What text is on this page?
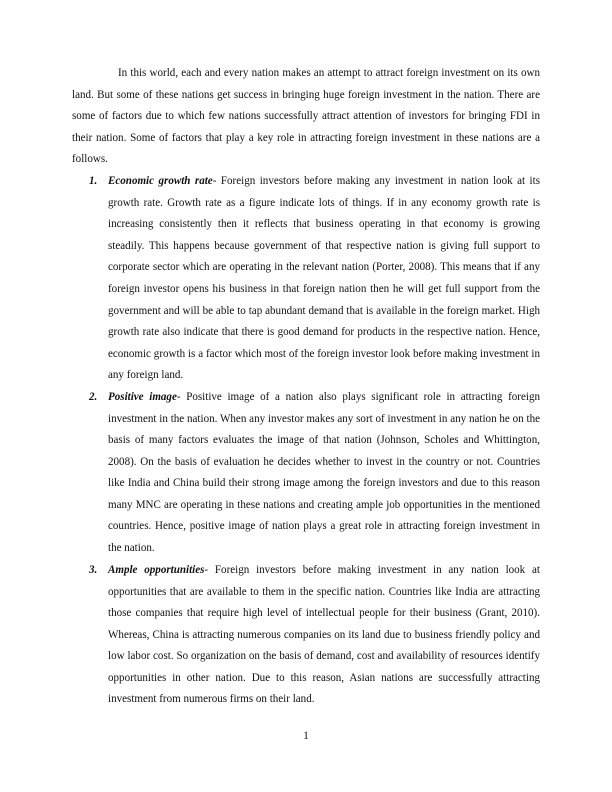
In this world, each and every nation makes an attempt to attract foreign investment on its own land. But some of these nations get success in bringing huge foreign investment in the nation. There are some of factors due to which few nations successfully attract attention of investors for bringing FDI in their nation. Some of factors that play a key role in attracting foreign investment in these nations are a follows.

1. Economic growth rate- Foreign investors before making any investment in nation look at its growth rate. Growth rate as a figure indicate lots of things. If in any economy growth rate is increasing consistently then it reflects that business operating in that economy is growing steadily. This happens because government of that respective nation is giving full support to corporate sector which are operating in the relevant nation (Porter, 2008). This means that if any foreign investor opens his business in that foreign nation then he will get full support from the government and will be able to tap abundant demand that is available in the foreign market. High growth rate also indicate that there is good demand for products in the respective nation. Hence, economic growth is a factor which most of the foreign investor look before making investment in any foreign land.

2. Positive image- Positive image of a nation also plays significant role in attracting foreign investment in the nation. When any investor makes any sort of investment in any nation he on the basis of many factors evaluates the image of that nation (Johnson, Scholes and Whittington, 2008). On the basis of evaluation he decides whether to invest in the country or not. Countries like India and China build their strong image among the foreign investors and due to this reason many MNC are operating in these nations and creating ample job opportunities in the mentioned countries. Hence, positive image of nation plays a great role in attracting foreign investment in the nation.

3. Ample opportunities- Foreign investors before making investment in any nation look at opportunities that are available to them in the specific nation. Countries like India are attracting those companies that require high level of intellectual people for their business (Grant, 2010). Whereas, China is attracting numerous companies on its land due to business friendly policy and low labor cost. So organization on the basis of demand, cost and availability of resources identify opportunities in other nation. Due to this reason, Asian nations are successfully attracting investment from numerous firms on their land.

1
